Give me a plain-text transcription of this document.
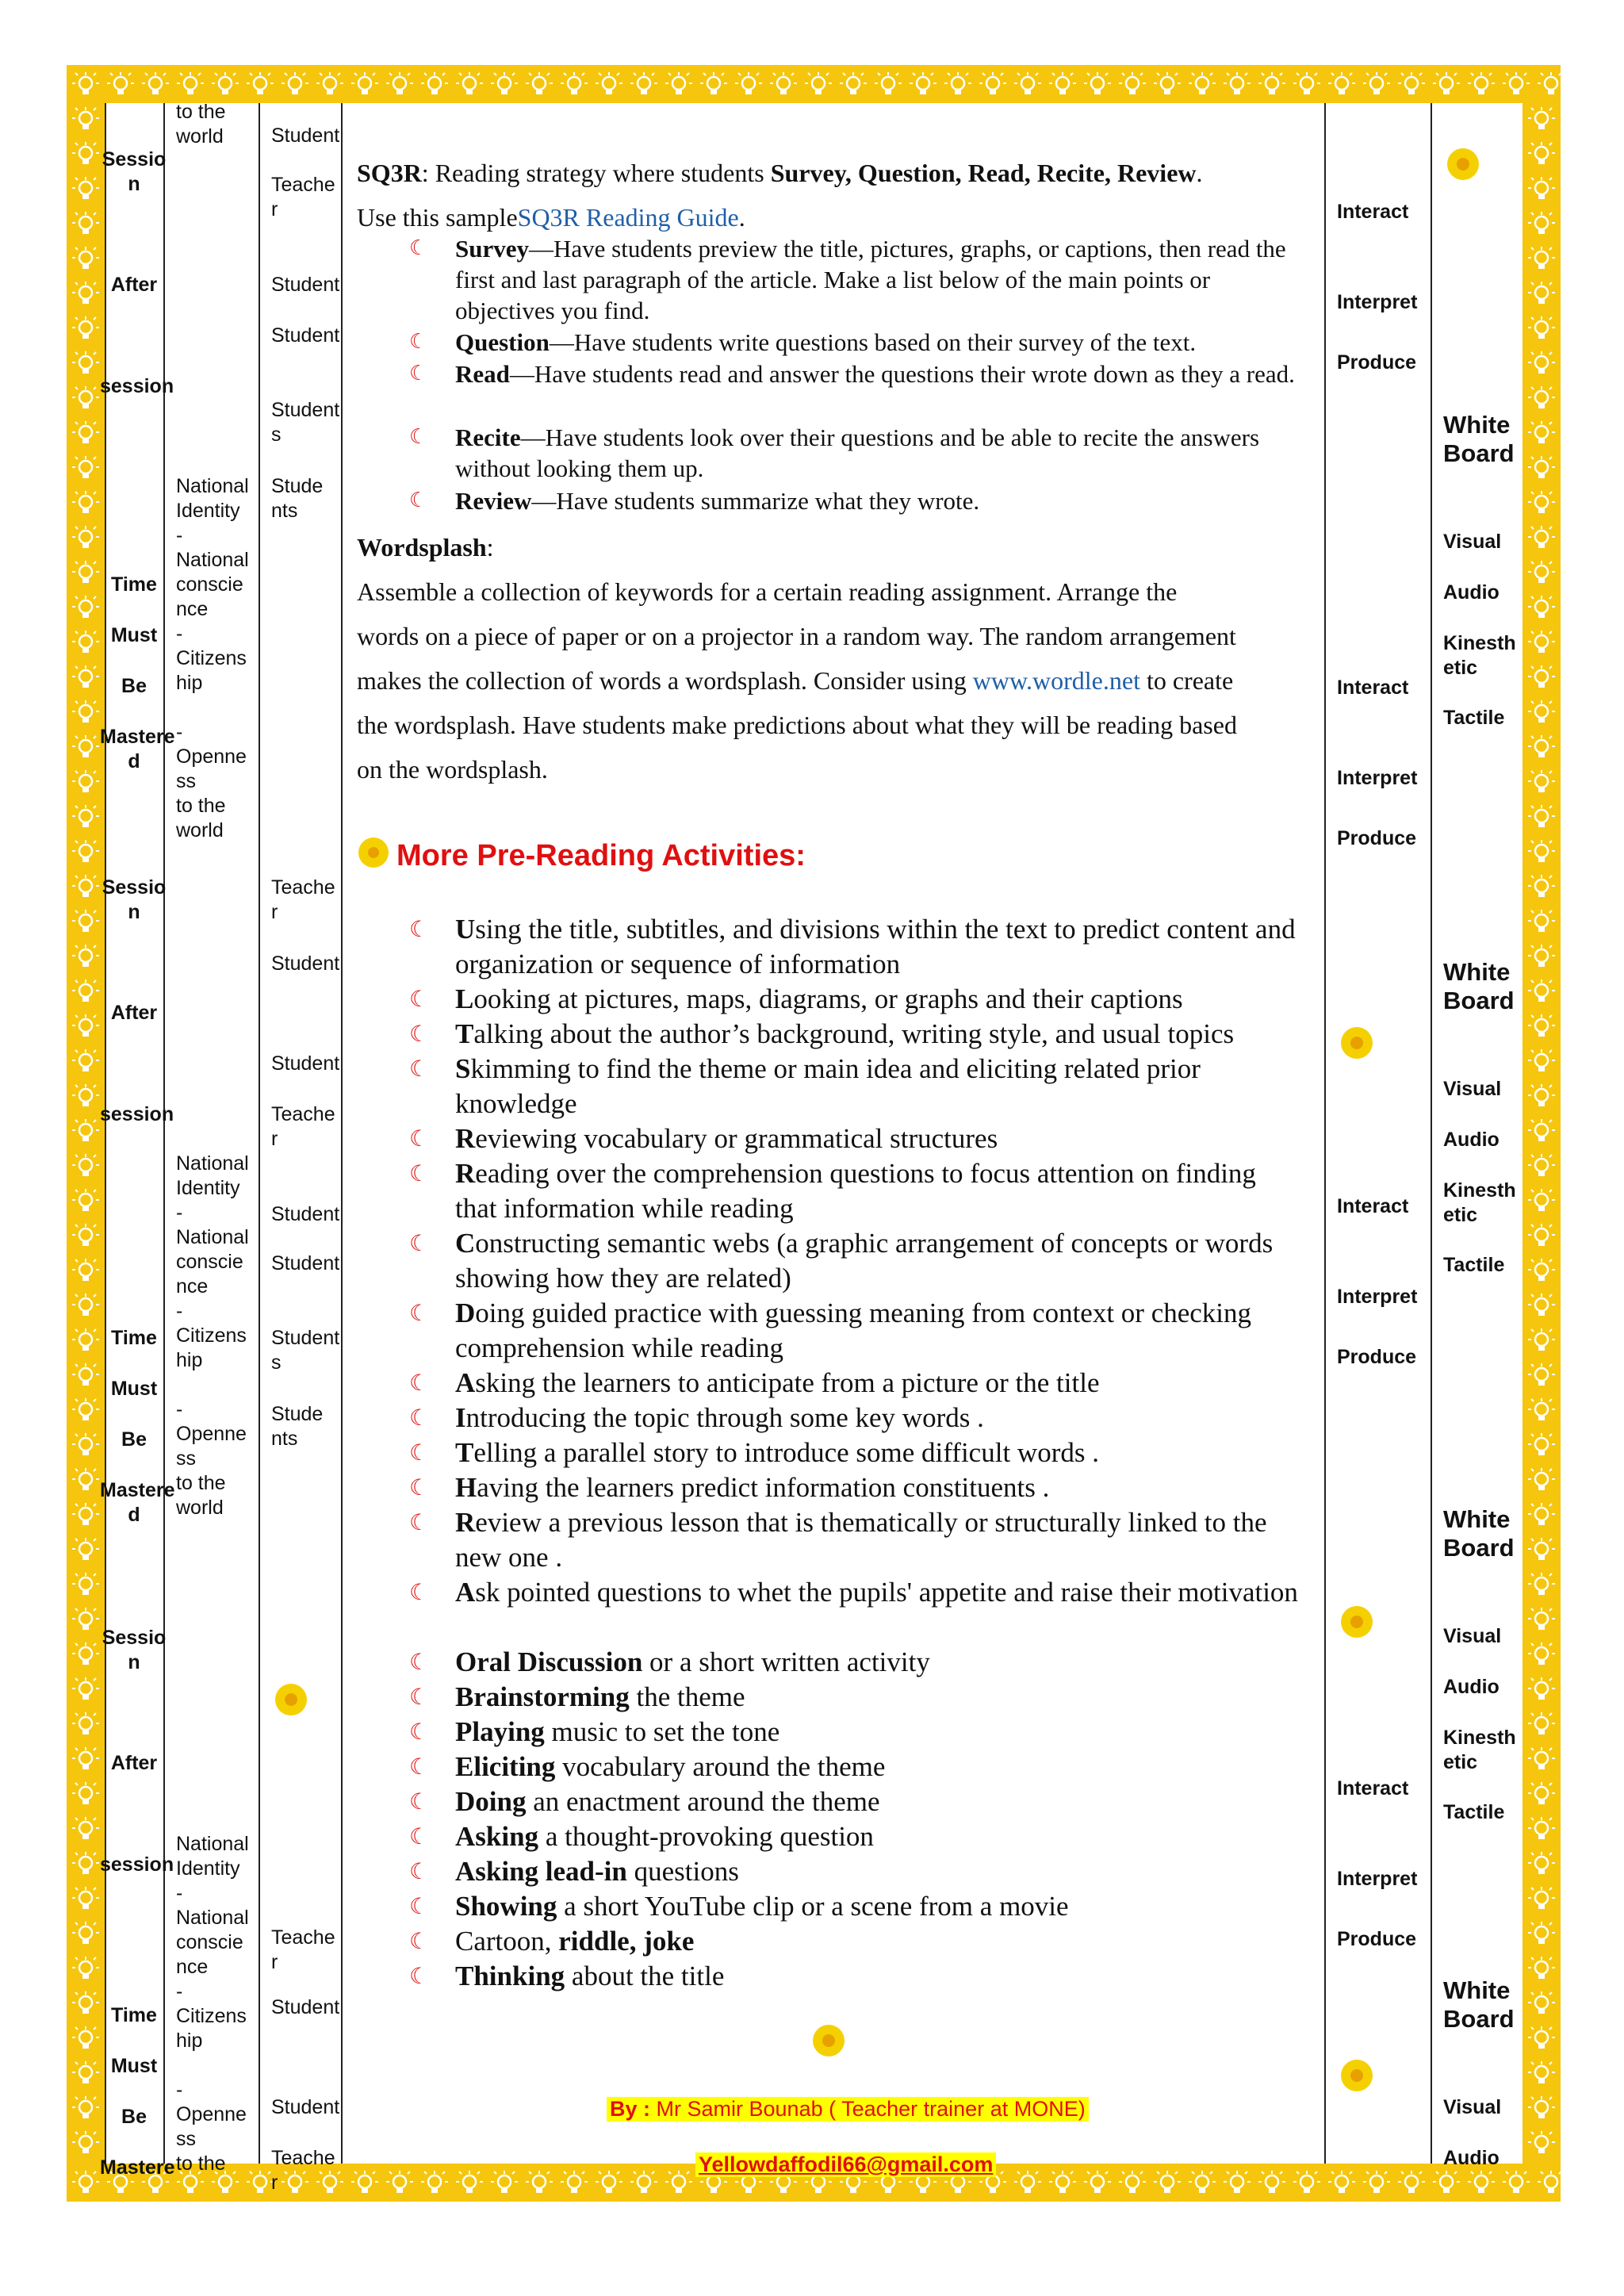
Sessio
n
After
session
Time
Must
Be
Mastere
d
Sessio
n
After
session
Time
Must
Be
Mastere
d
Sessio
n
After
session
Time
Must
Be
Mastere
to the
world
National
Identity
-
National
conscie
nce
-
Citizens
hip

-
Openne
ss
to the
world
National
Identity
-
National
conscie
nce
-
Citizens
hip

-
Openne
ss
to the
world
National
Identity
-
National
conscie
nce
-
Citizens
hip

-
Openne
ss
to the
Student
Teache
r
Student
Student
Student
s
Stude
nts
Teache
r
Student
Student
Teache
r
Student
Student
Student
s
Stude
nts
Teache
r
Student
Student
Teache
r
Interact
Interpret
Produce
Interact
Interpret
Produce
Interact
Interpret
Produce
Interact
Interpret
Produce
White
Board
Visual
Audio
Kinesth
etic
Tactile
White
Board
Visual
Audio
Kinesth
etic
Tactile
White
Board
Visual
Audio
Kinesth
etic
Tactile
White
Board
Visual
Audio
SQ3R: Reading strategy where students Survey, Question, Read, Recite, Review.
Use this sampleSQ3R Reading Guide.
☾ Survey—Have students preview the title, pictures, graphs, or captions, then read the first and last paragraph of the article. Make a list below of the main points or objectives you find.
☾ Question—Have students write questions based on their survey of the text.
☾ Read—Have students read and answer the questions their wrote down as they a read.
☾ Recite—Have students look over their questions and be able to recite the answers without looking them up.
☾ Review—Have students summarize what they wrote.
Wordsplash:
Assemble a collection of keywords for a certain reading assignment. Arrange the
words on a piece of paper or on a projector in a random way. The random arrangement
makes the collection of words a wordsplash. Consider using www.wordle.net to create
the wordsplash. Have students make predictions about what they will be reading based
on the wordsplash.
More Pre-Reading Activities:
☾ Using the title, subtitles, and divisions within the text to predict content and organization or sequence of information
☾ Looking at pictures, maps, diagrams, or graphs and their captions
☾ Talking about the author’s background, writing style, and usual topics
☾ Skimming to find the theme or main idea and eliciting related prior knowledge
☾ Reviewing vocabulary or grammatical structures
☾ Reading over the comprehension questions to focus attention on finding that information while reading
☾ Constructing semantic webs (a graphic arrangement of concepts or words showing how they are related)
☾ Doing guided practice with guessing meaning from context or checking comprehension while reading
☾ Asking the learners to anticipate from a picture or the title
☾ Introducing the topic through some key words .
☾ Telling a parallel story to introduce some difficult words .
☾ Having the learners predict information constituents .
☾ Review a previous lesson that is thematically or structurally linked to the new one .
☾ Ask pointed questions to whet the pupils' appetite and raise their motivation
☾ Oral Discussion or a short written activity
☾ Brainstorming the theme
☾ Playing music to set the tone
☾ Eliciting vocabulary around the theme
☾ Doing an enactment around the theme
☾ Asking a thought-provoking question
☾ Asking lead-in questions
☾ Showing a short YouTube clip or a scene from a movie
☾ Cartoon, riddle, joke
☾ Thinking about the title
By : Mr Samir Bounab ( Teacher trainer at MONE)
Yellowdaffodil66@gmail.com
